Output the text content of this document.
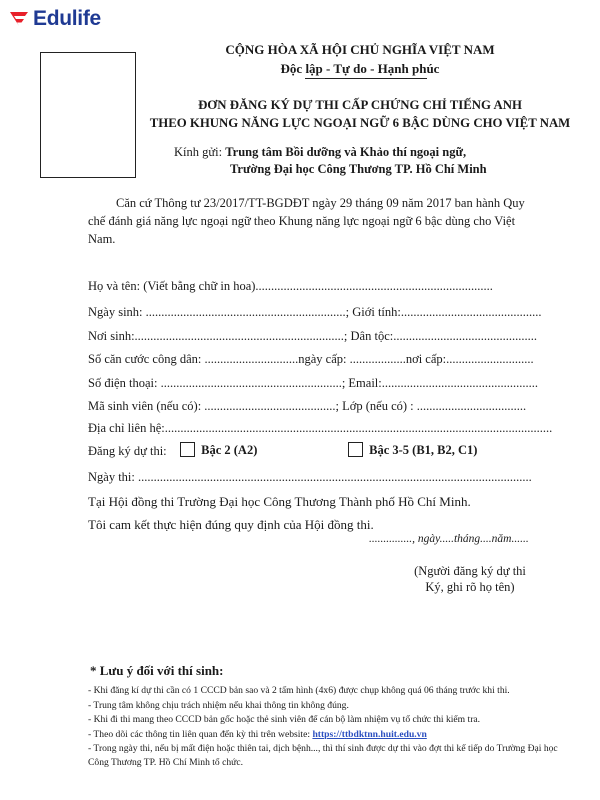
Edulife
CỘNG HÒA XÃ HỘI CHỦ NGHĨA VIỆT NAM
Độc lập - Tự do - Hạnh phúc
ĐƠN ĐĂNG KÝ DỰ THI CẤP CHỨNG CHỈ TIẾNG ANH
THEO KHUNG NĂNG LỰC NGOẠI NGỮ 6 BẬC DÙNG CHO VIỆT NAM
Kính gửi: Trung tâm Bồi dưỡng và Khảo thí ngoại ngữ,
Trường Đại học Công Thương TP. Hồ Chí Minh
Căn cứ Thông tư 23/2017/TT-BGDĐT ngày 29 tháng 09 năm 2017 ban hành Quy
chế đánh giá năng lực ngoại ngữ theo Khung năng lực ngoại ngữ 6 bậc dùng cho Việt
Nam.
Họ và tên: (Viết bằng chữ in hoa)............................................................................
Ngày sinh: ................................................................; Giới tính:.............................................
Nơi sinh:...................................................................; Dân tộc:..............................................
Số căn cước công dân: ..............................ngày cấp: ..................nơi cấp:............................
Số điện thoại: ..........................................................; Email:..................................................
Mã sinh viên (nếu có): ..........................................; Lớp (nếu có) : ...................................
Địa chỉ liên hệ:............................................................................................................................
Đăng ký dự thi:	Bậc 2 (A2)	Bậc 3-5 (B1, B2, C1)
Ngày thi: ..............................................................................................................................
Tại Hội đồng thi Trường Đại học Công Thương Thành phố Hồ Chí Minh.
Tôi cam kết thực hiện đúng quy định của Hội đồng thi.
..............., ngày.....tháng....năm......
(Người đăng ký dự thi
Ký, ghi rõ họ tên)
* Lưu ý đối với thí sinh:
- Khi đăng kí dự thi cần có 1 CCCD bản sao và 2 tấm hình (4x6) được chụp không quá 06 tháng trước khi thi.
- Trung tâm không chịu trách nhiệm nếu khai thông tin không đúng.
- Khi đi thi mang theo CCCD bản gốc hoặc thẻ sinh viên để cán bộ làm nhiệm vụ tổ chức thi kiểm tra.
- Theo dõi các thông tin liên quan đến kỳ thi trên website: https://ttbdktnn.huit.edu.vn
- Trong ngày thi, nếu bị mất điện hoặc thiên tai, dịch bệnh..., thì thí sinh được dự thi vào đợt thi kế tiếp do Trường Đại học Công Thương TP. Hồ Chí Minh tổ chức.
